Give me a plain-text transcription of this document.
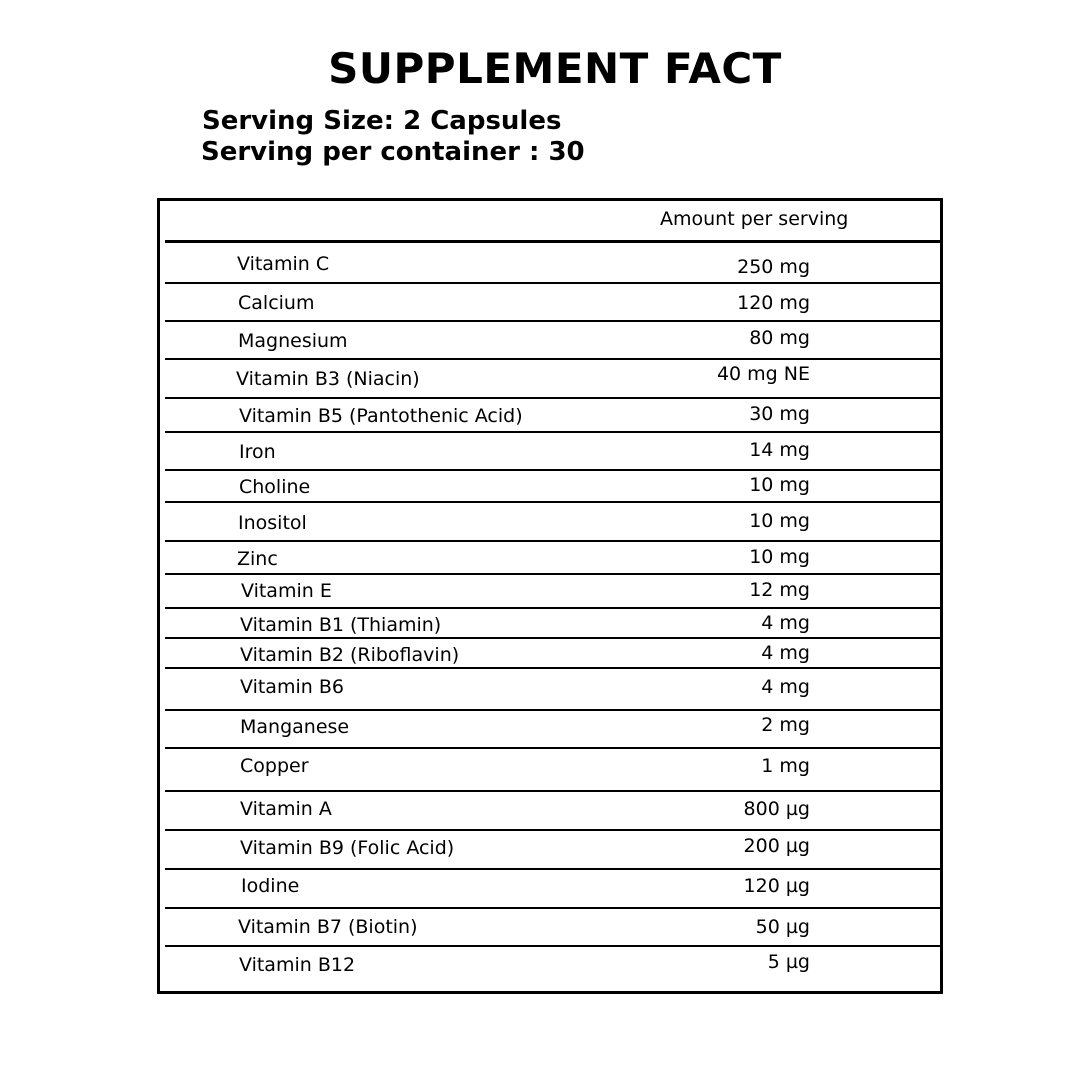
SUPPLEMENT FACT
Serving Size: 2 Capsules
Serving per container : 30
Amount per serving
Vitamin C	250 mg
Calcium	120 mg
Magnesium	80 mg
Vitamin B3 (Niacin)	40 mg NE
Vitamin B5 (Pantothenic Acid)	30 mg
Iron	14 mg
Choline	10 mg
Inositol	10 mg
Zinc	10 mg
Vitamin E	12 mg
Vitamin B1 (Thiamin)	4 mg
Vitamin B2 (Riboflavin)	4 mg
Vitamin B6	4 mg
Manganese	2 mg
Copper	1 mg
Vitamin A	800 µg
Vitamin B9 (Folic Acid)	200 µg
Iodine	120 µg
Vitamin B7 (Biotin)	50 µg
Vitamin B12	5 µg
